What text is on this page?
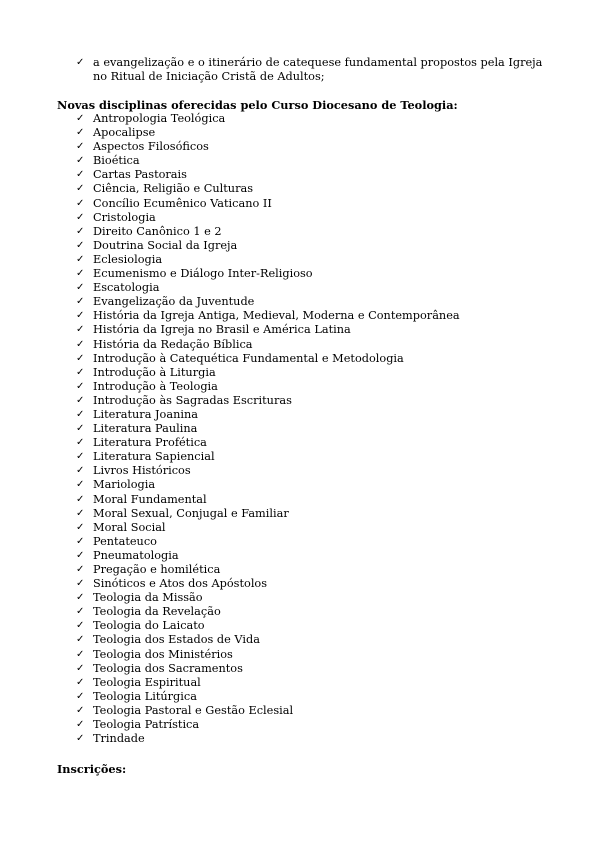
✓ a evangelização e o itinerário de catequese fundamental propostos pela Igreja no Ritual de Iniciação Cristã de Adultos;
Novas disciplinas oferecidas pelo Curso Diocesano de Teologia:
✓ Antropologia Teológica
✓ Apocalipse
✓ Aspectos Filosóficos
✓ Bioética
✓ Cartas Pastorais
✓ Ciência, Religião e Culturas
✓ Concílio Ecumênico Vaticano II
✓ Cristologia
✓ Direito Canônico 1 e 2
✓ Doutrina Social da Igreja
✓ Eclesiologia
✓ Ecumenismo e Diálogo Inter-Religioso
✓ Escatologia
✓ Evangelização da Juventude
✓ História da Igreja Antiga, Medieval, Moderna e Contemporânea
✓ História da Igreja no Brasil e América Latina
✓ História da Redação Bíblica
✓ Introdução à Catequética Fundamental e Metodologia
✓ Introdução à Liturgia
✓ Introdução à Teologia
✓ Introdução às Sagradas Escrituras
✓ Literatura Joanina
✓ Literatura Paulina
✓ Literatura Profética
✓ Literatura Sapiencial
✓ Livros Históricos
✓ Mariologia
✓ Moral Fundamental
✓ Moral Sexual, Conjugal e Familiar
✓ Moral Social
✓ Pentateuco
✓ Pneumatologia
✓ Pregação e homilética
✓ Sinóticos e Atos dos Apóstolos
✓ Teologia da Missão
✓ Teologia da Revelação
✓ Teologia do Laicato
✓ Teologia dos Estados de Vida
✓ Teologia dos Ministérios
✓ Teologia dos Sacramentos
✓ Teologia Espiritual
✓ Teologia Litúrgica
✓ Teologia Pastoral e Gestão Eclesial
✓ Teologia Patrística
✓ Trindade
Inscrições:
